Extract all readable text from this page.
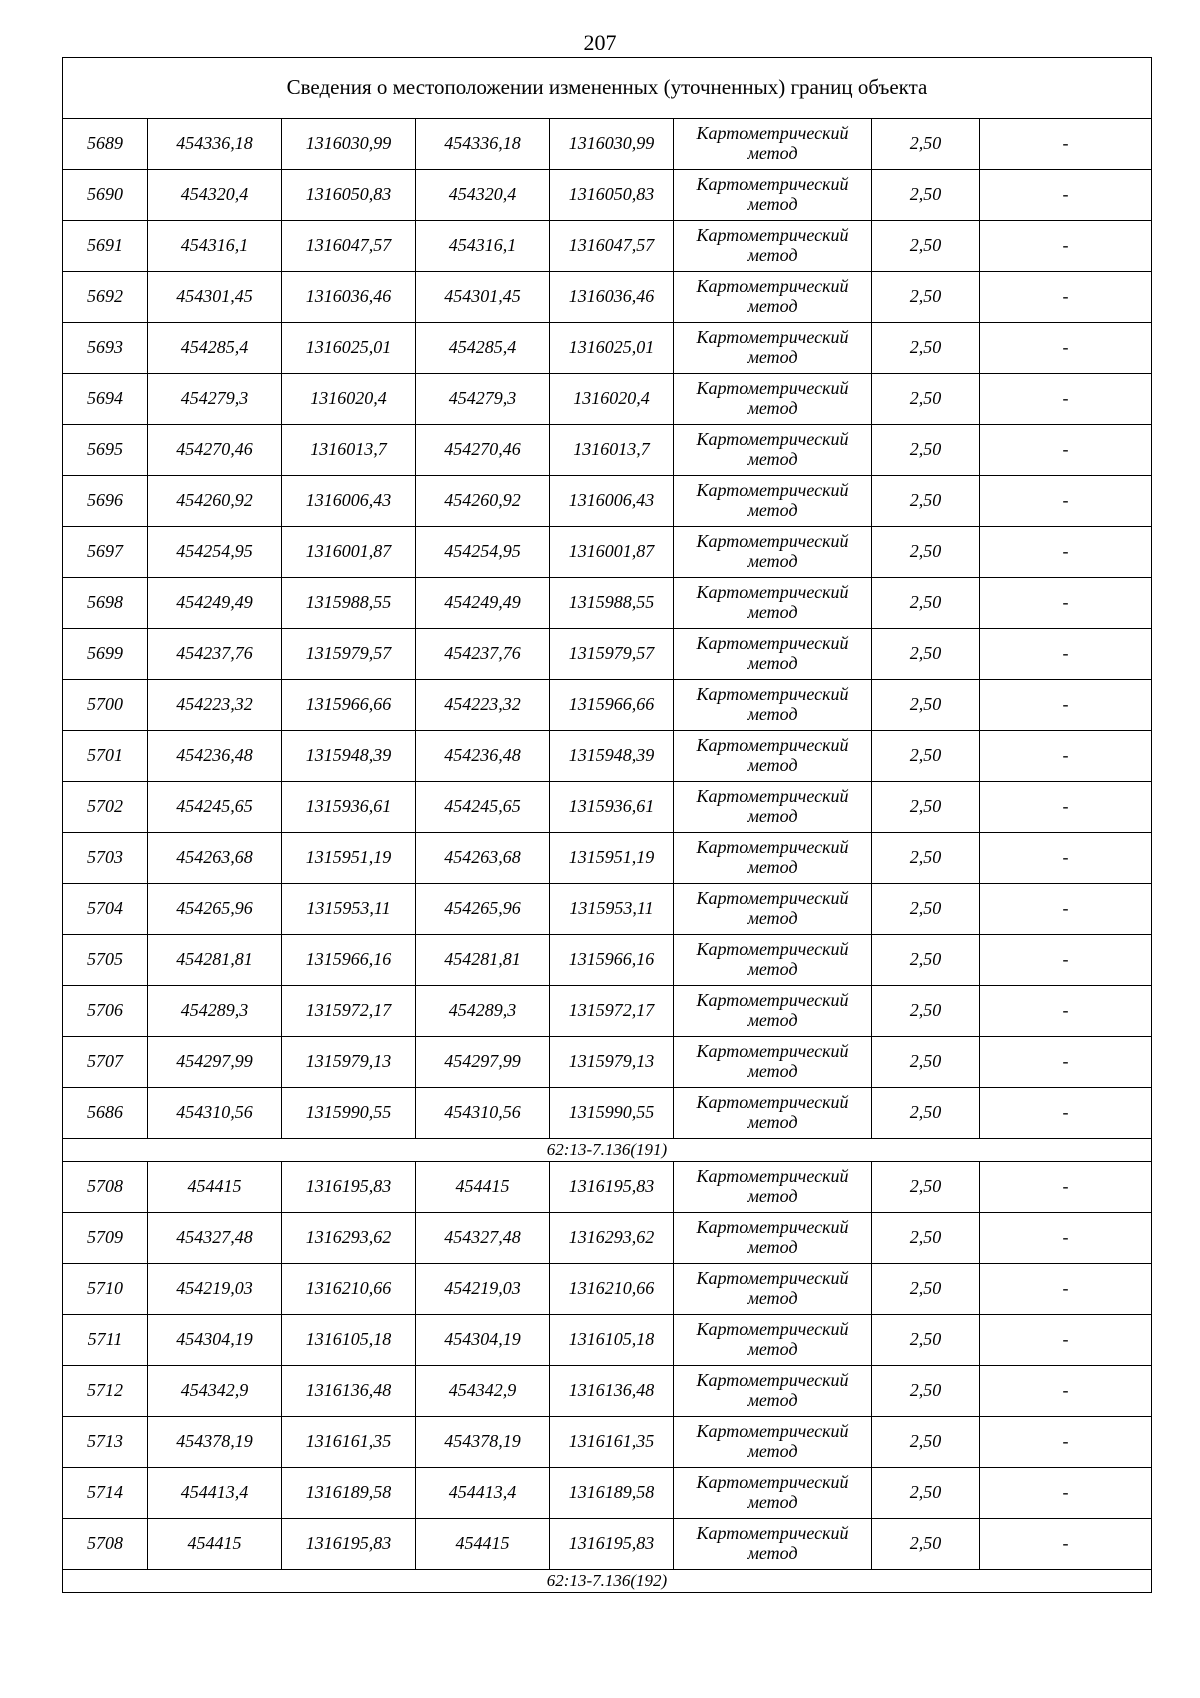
207
Сведения о местоположении измененных (уточненных) границ объекта							
5689	454336,18	1316030,99	454336,18	1316030,99	Картометрический метод	2,50	-
5690	454320,4	1316050,83	454320,4	1316050,83	Картометрический метод	2,50	-
5691	454316,1	1316047,57	454316,1	1316047,57	Картометрический метод	2,50	-
5692	454301,45	1316036,46	454301,45	1316036,46	Картометрический метод	2,50	-
5693	454285,4	1316025,01	454285,4	1316025,01	Картометрический метод	2,50	-
5694	454279,3	1316020,4	454279,3	1316020,4	Картометрический метод	2,50	-
5695	454270,46	1316013,7	454270,46	1316013,7	Картометрический метод	2,50	-
5696	454260,92	1316006,43	454260,92	1316006,43	Картометрический метод	2,50	-
5697	454254,95	1316001,87	454254,95	1316001,87	Картометрический метод	2,50	-
5698	454249,49	1315988,55	454249,49	1315988,55	Картометрический метод	2,50	-
5699	454237,76	1315979,57	454237,76	1315979,57	Картометрический метод	2,50	-
5700	454223,32	1315966,66	454223,32	1315966,66	Картометрический метод	2,50	-
5701	454236,48	1315948,39	454236,48	1315948,39	Картометрический метод	2,50	-
5702	454245,65	1315936,61	454245,65	1315936,61	Картометрический метод	2,50	-
5703	454263,68	1315951,19	454263,68	1315951,19	Картометрический метод	2,50	-
5704	454265,96	1315953,11	454265,96	1315953,11	Картометрический метод	2,50	-
5705	454281,81	1315966,16	454281,81	1315966,16	Картометрический метод	2,50	-
5706	454289,3	1315972,17	454289,3	1315972,17	Картометрический метод	2,50	-
5707	454297,99	1315979,13	454297,99	1315979,13	Картометрический метод	2,50	-
5686	454310,56	1315990,55	454310,56	1315990,55	Картометрический метод	2,50	-
62:13-7.136(191)							
5708	454415	1316195,83	454415	1316195,83	Картометрический метод	2,50	-
5709	454327,48	1316293,62	454327,48	1316293,62	Картометрический метод	2,50	-
5710	454219,03	1316210,66	454219,03	1316210,66	Картометрический метод	2,50	-
5711	454304,19	1316105,18	454304,19	1316105,18	Картометрический метод	2,50	-
5712	454342,9	1316136,48	454342,9	1316136,48	Картометрический метод	2,50	-
5713	454378,19	1316161,35	454378,19	1316161,35	Картометрический метод	2,50	-
5714	454413,4	1316189,58	454413,4	1316189,58	Картометрический метод	2,50	-
5708	454415	1316195,83	454415	1316195,83	Картометрический метод	2,50	-
62:13-7.136(192)							
